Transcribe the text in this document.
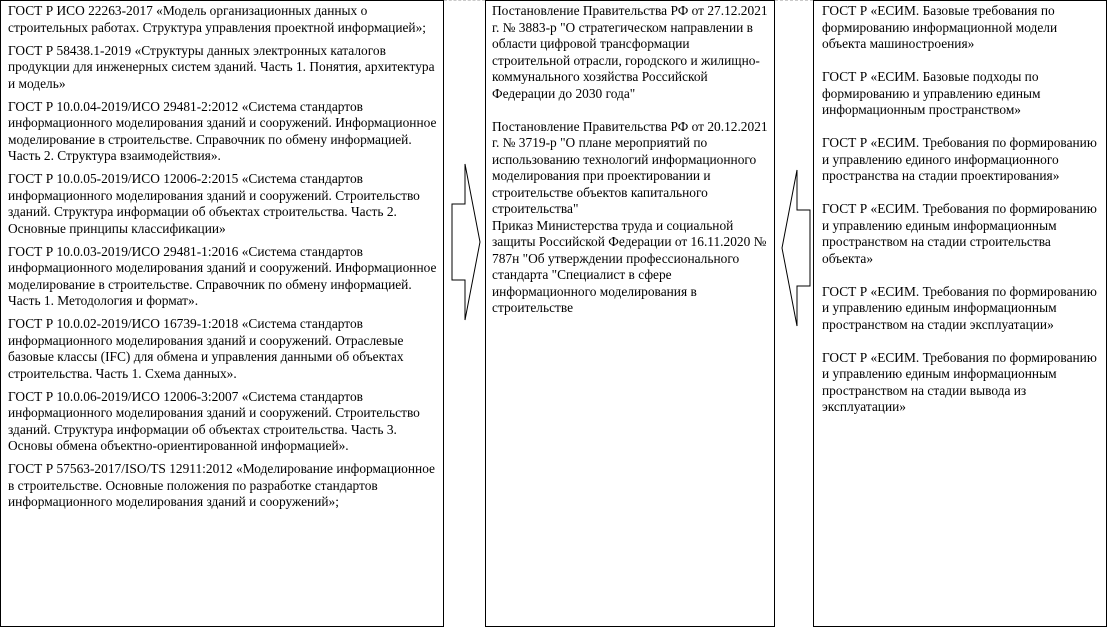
ГОСТ Р ИСО 22263-2017 «Модель организационных данных о строительных работах. Структура управления проектной информацией»;
ГОСТ Р 58438.1-2019 «Структуры данных электронных каталогов продукции для инженерных систем зданий. Часть 1. Понятия, архитектура и модель»
ГОСТ Р 10.0.04-2019/ИСО 29481-2:2012 «Система стандартов информационного моделирования зданий и сооружений. Информационное моделирование в строительстве. Справочник по обмену информацией. Часть 2. Структура взаимодействия».
ГОСТ Р 10.0.05-2019/ИСО 12006-2:2015 «Система стандартов информационного моделирования зданий и сооружений. Строительство зданий. Структура информации об объектах строительства. Часть 2. Основные принципы классификации»
ГОСТ Р 10.0.03-2019/ИСО 29481-1:2016 «Система стандартов информационного моделирования зданий и сооружений. Информационное моделирование в строительстве. Справочник по обмену информацией. Часть 1. Методология и формат».
ГОСТ Р 10.0.02-2019/ИСО 16739-1:2018 «Система стандартов информационного моделирования зданий и сооружений. Отраслевые базовые классы (IFC) для обмена и управления данными об объектах строительства. Часть 1. Схема данных».
ГОСТ Р 10.0.06-2019/ИСО 12006-3:2007 «Система стандартов информационного моделирования зданий и сооружений. Строительство зданий. Структура информации об объектах строительства. Часть 3. Основы обмена объектно-ориентированной информацией».
ГОСТ Р 57563-2017/ISO/TS 12911:2012 «Моделирование информационное в строительстве. Основные положения по разработке стандартов информационного моделирования зданий и сооружений»;
Постановление Правительства РФ от 27.12.2021 г. № 3883-р "О стратегическом направлении в области цифровой трансформации строительной отрасли, городского и жилищно-коммунального хозяйства Российской Федерации до 2030 года"
Постановление Правительства РФ от 20.12.2021 г. № 3719-р "О плане мероприятий по использованию технологий информационного моделирования при проектировании и строительстве объектов капитального строительства"
Приказ Министерства труда и социальной защиты Российской Федерации от 16.11.2020 № 787н "Об утверждении профессионального стандарта "Специалист в сфере информационного моделирования в строительстве
ГОСТ Р «ЕСИМ. Базовые требования по формированию информационной модели объекта машиностроения»
ГОСТ Р «ЕСИМ. Базовые подходы по формированию и управлению единым информационным пространством»
ГОСТ Р «ЕСИМ. Требования по формированию и управлению единого информационного пространства на стадии проектирования»
ГОСТ Р «ЕСИМ. Требования по формированию и управлению единым информационным пространством на стадии строительства объекта»
ГОСТ Р «ЕСИМ. Требования по формированию и управлению единым информационным пространством на стадии эксплуатации»
ГОСТ Р «ЕСИМ. Требования по формированию и управлению единым информационным пространством на стадии вывода из эксплуатации»
